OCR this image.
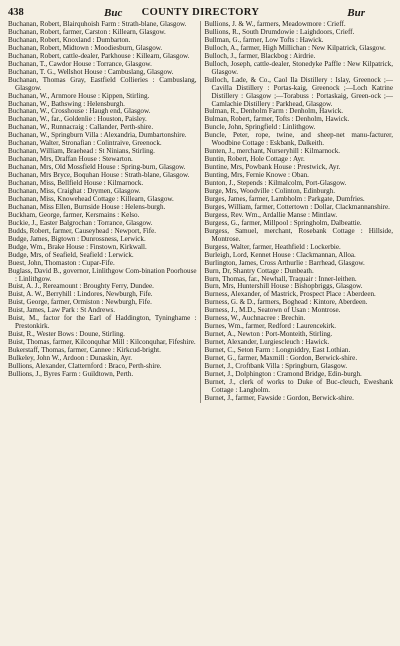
438	Buc	COUNTY DIRECTORY	Bur
Buchanan, Robert, Blairquhoish Farm : Strath-blane, Glasgow.
Buchanan, Robert, farmer, Carston : Killearn, Glasgow.
Buchanan, Robert, Knoxland : Dumbarton.
Buchanan, Robert, Midtown : Moodiesburn, Glasgow.
Buchanan, Robert, cattle-dealer, Parkhouse : Killearn, Glasgow.
Buchanan, T., Cawdor House : Torrance, Glasgow.
Buchanan, T. G., Wellshot House : Cambuslang, Glasgow.
Buchanan, Thomas Gray, Eastfield Collieries : Cambuslang, Glasgow.
Buchanan, W., Arnmore House : Kippen, Stirling.
Buchanan, W., Bathswing : Helensburgh.
Buchanan, W., Crosshouse : Haugh end, Glasgow.
Buchanan, W., far., Goldenlie : Houston, Paisley.
Buchanan, W., Runnacraig : Callander, Perth-shire.
Buchanan, W., Springburn Villa : Alexandria, Dumbartonshire.
Buchanan, Walter, Stronafian : Colintraive, Greenock.
Buchanan, William, Braehead : St Ninians, Stirling.
Buchanan, Mrs, Draffan House : Stewarton.
Buchanan, Mrs, Old Mossfield House : Spring-burn, Glasgow.
Buchanan, Mrs Bryce, Boquhan House : Strath-blane, Glasgow.
Buchanan, Miss, Bellfield House : Kilmarnock.
Buchanan, Miss, Craighat : Drymen, Glasgow.
Buchanan, Miss, Knowehead Cottage : Killearn, Glasgow.
Buchanan, Miss Ellen, Burnside House : Helens-burgh.
Buckham, George, farmer, Kersmains : Kelso.
Buckie, J., Easter Balgrochan : Torrance, Glasgow.
Budds, Robert, farmer, Causeyhead : Newport, Fife.
Budge, James, Bigtown : Dunrossness, Lerwick.
Budge, Wm., Brake House : Finstown, Kirkwall.
Budge, Mrs, of Seafield, Seafield : Lerwick.
Buest, John, Thomaston : Cupar-Fife.
Buglass, David B., governor, Linlithgow Com-bination Poorhouse : Linlithgow.
Buist, A. J., Rereamount : Broughty Ferry, Dundee.
Buist, A. W., Berryhill : Lindores, Newburgh, Fife.
Buist, George, farmer, Ormiston : Newburgh, Fife.
Buist, James, Law Park : St Andrews.
Buist, M., factor for the Earl of Haddington, Tyninghame : Prestonkirk.
Buist, R., Wester Bows : Doune, Stirling.
Buist, Thomas, farmer, Kilconquhar Mill : Kilconquhar, Fifeshire.
Bukerstaff, Thomas, farmer, Cannee : Kirkcud-bright.
Bulkeley, John W., Ardoon : Dunaskin, Ayr.
Bullions, Alexander, Clatternford : Braco, Perth-shire.
Bullions, J., Byres Farm : Guildtown, Perth.
Bullions, J. & W., farmers, Meadowmore : Crieff.
Bullions, R., South Drumdowie : Laighdoors, Crieff.
Bullman, G., farmer, Low Tofts : Hawick.
Bulloch, A., farmer, High Millichan : New Kilpatrick, Glasgow.
Bulloch, J., farmer, Blackbog : Airdrie.
Bulloch, Joseph, cattle-dealer, Stonedyke Paffle : New Kilpatrick, Glasgow.
Bulloch, Lade, & Co., Caol Ila Distillery : Islay, Greenock ;—Cavilla Distillery : Portas-kaig, Greenock ;—Loch Katrine Distillery : Glasgow ;—Torabuss : Portaskaig, Green-ock ;—Camlachie Distillery : Parkhead, Glasgow.
Bulman, R., Denholm Farm : Denholm, Hawick.
Bulman, Robert, farmer, Tofts : Denholm, Hawick.
Buncle, John, Springfield : Linlithgow.
Buncle, Peter, rope, twine, and sheep-net manu-facturer, Woodbine Cottage : Eskbank, Dalkeith.
Bunten, J., merchant, Nurseryhill : Kilmarnock.
Buntin, Robert, Hole Cottage : Ayr.
Buntine, Mrs, Powbank House : Prestwick, Ayr.
Bunting, Mrs, Fernie Knowe : Oban.
Bunton, J., Stepends : Kilmalcolm, Port-Glasgow.
Burge, Mrs, Woodville : Colinton, Edinburgh.
Burges, James, farmer, Lambholm : Parkgate, Dumfries.
Burges, William, farmer, Cottertown : Dollar, Clackmannanshire.
Burgess, Rev. Wm., Ardallie Manse : Mintlaw.
Burgess, G., farmer, Millpool : Springholm, Dalbeattie.
Burgess, Samuel, merchant, Rosebank Cottage : Hillside, Montrose.
Burgess, Walter, farmer, Heathfield : Lockerbie.
Burleigh, Lord, Kennet House : Clackmannan, Alloa.
Burlington, James, Cross Arthurlie : Barrhead, Glasgow.
Burn, Dr, Shantry Cottage : Dunbeath.
Burn, Thomas, far., Newhall, Traquair : Inner-leithen.
Burn, Mrs, Huntershill House : Bishopbriggs, Glasgow.
Burness, Alexander, of Mastrick, Prospect Place : Aberdeen.
Burness, G. & D., farmers, Boghead : Kintore, Aberdeen.
Burness, J., M.D., Seatown of Usan : Montrose.
Burness, W., Auchnacree : Brechin.
Burnes, Wm., farmer, Redford : Laurencekirk.
Burnet, A., Newton : Port-Monteith, Stirling.
Burnet, Alexander, Lurgiescleuch : Hawick.
Burnet, C., Seton Farm : Longniddry, East Lothian.
Burnet, G., farmer, Maxmill : Gordon, Berwick-shire.
Burnet, J., Croftbank Villa : Springburn, Glasgow.
Burnet, J., Dolphington : Cramond Bridge, Edin-burgh.
Burnet, J., clerk of works to Duke of Buc-cleuch, Eweshank Cottage : Langholm.
Burnet, J., farmer, Fawside : Gordon, Berwick-shire.
